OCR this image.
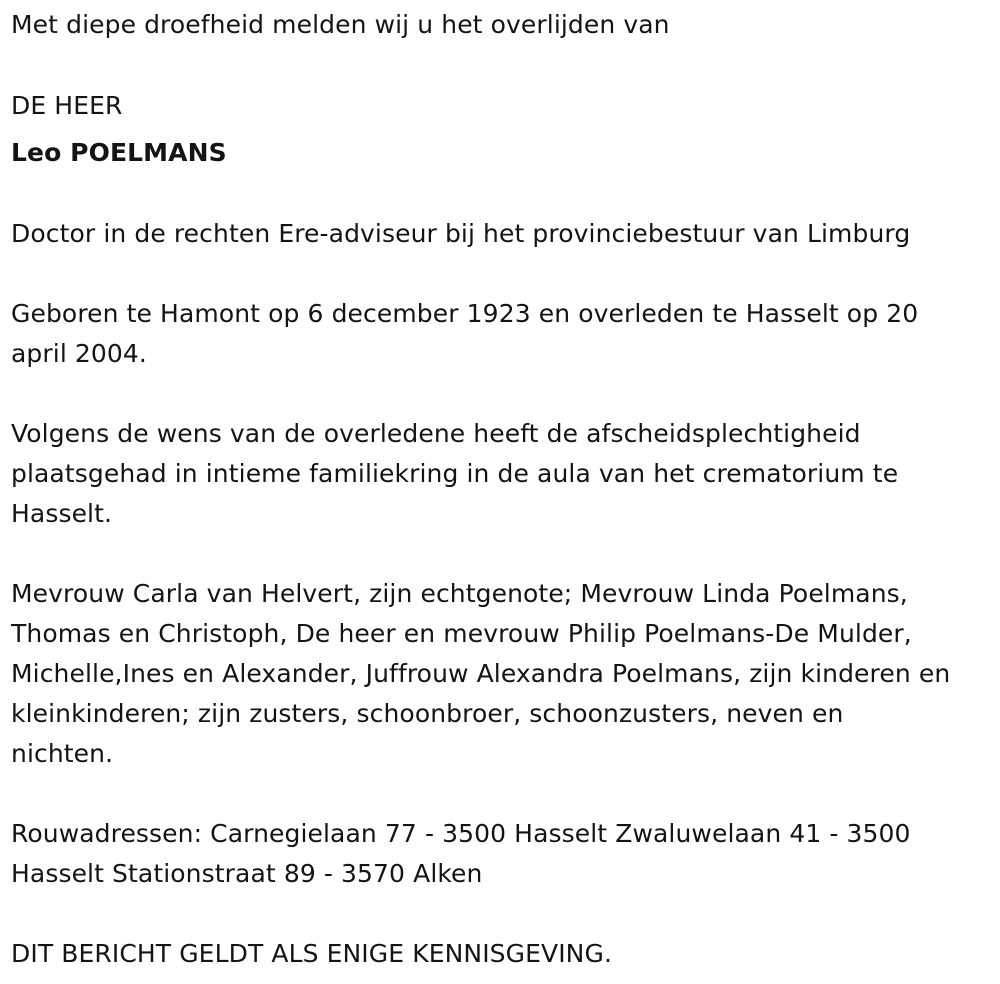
Met diepe droefheid melden wij u het overlijden van
DE HEER
Leo POELMANS
Doctor in de rechten Ere-adviseur bij het provinciebestuur van Limburg
Geboren te Hamont op 6 december 1923 en overleden te Hasselt op 20
april 2004.
Volgens de wens van de overledene heeft de afscheidsplechtigheid
plaatsgehad in intieme familiekring in de aula van het crematorium te
Hasselt.
Mevrouw Carla van Helvert, zijn echtgenote; Mevrouw Linda Poelmans,
Thomas en Christoph, De heer en mevrouw Philip Poelmans-De Mulder,
Michelle,Ines en Alexander, Juffrouw Alexandra Poelmans, zijn kinderen en
kleinkinderen; zijn zusters, schoonbroer, schoonzusters, neven en
nichten.
Rouwadressen: Carnegielaan 77 - 3500 Hasselt Zwaluwelaan 41 - 3500
Hasselt Stationstraat 89 - 3570 Alken
DIT BERICHT GELDT ALS ENIGE KENNISGEVING.
